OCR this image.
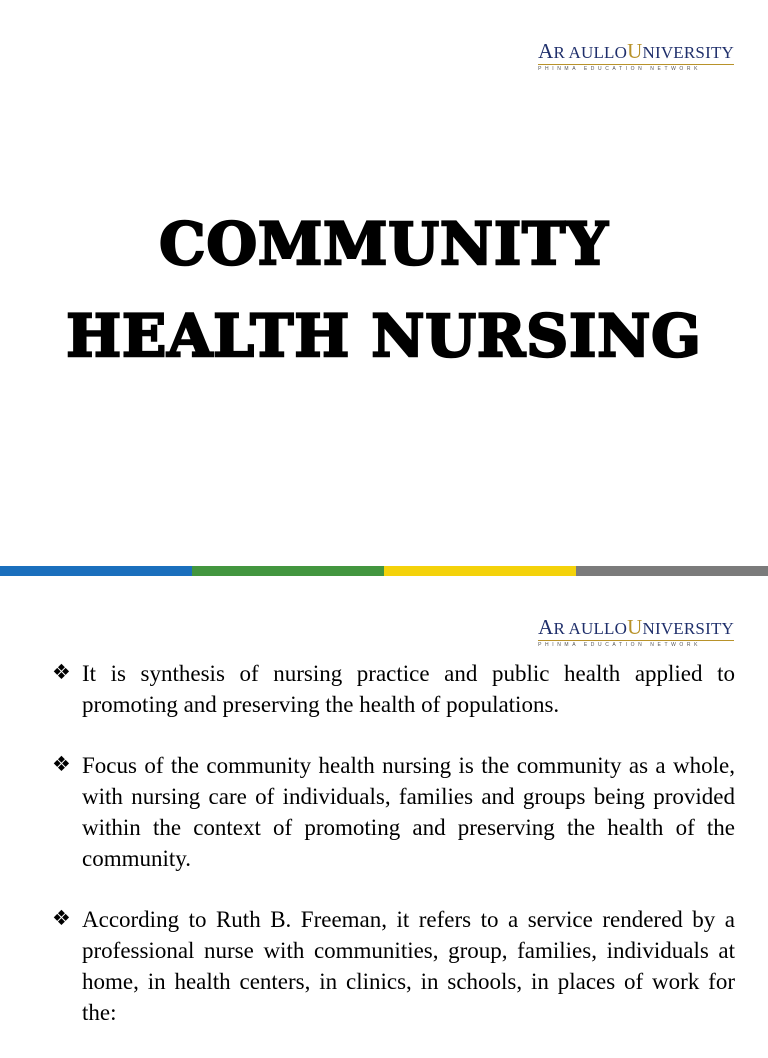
AR AULLOUNIVERSITY
PHINMA EDUCATION NETWORK
COMMUNITY
HEALTH NURSING
AR AULLOUNIVERSITY
PHINMA EDUCATION NETWORK
❖ It is synthesis of nursing practice and public health applied to promoting and preserving the health of populations.
❖ Focus of the community health nursing is the community as a whole, with nursing care of individuals, families and groups being provided within the context of promoting and preserving the health of the community.
❖ According to Ruth B. Freeman, it refers to a service rendered by a professional nurse with communities, group, families, individuals at home, in health centers, in clinics, in schools, in places of work for the:
